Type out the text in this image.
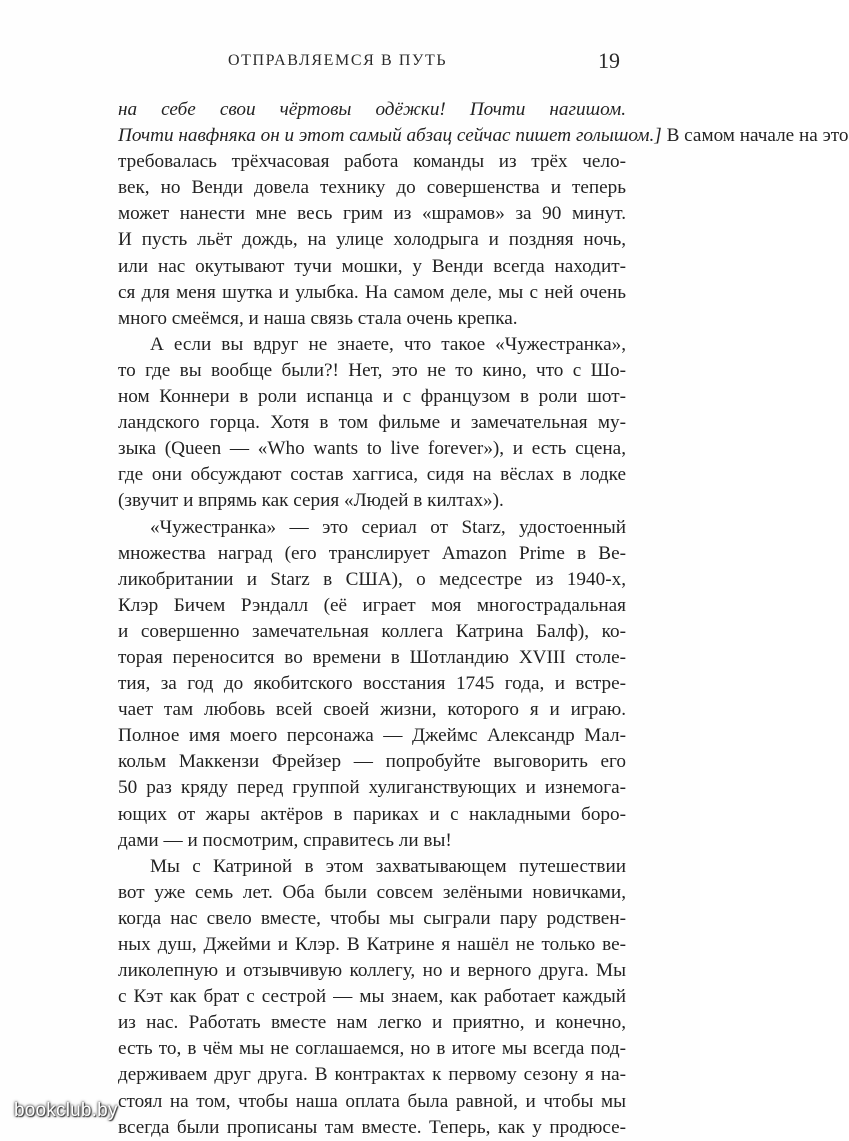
ОТПРАВЛЯЕМСЯ В ПУТЬ	19
на себе свои чёртовы одёжки! Почти нагишом.
Почти навфняка он и этот самый абзац сейчас пишет голышом.] В самом начале на это
требовалась трёхчасовая работа команды из трёх чело-
век, но Венди довела технику до совершенства и теперь
может нанести мне весь грим из «шрамов» за 90 минут.
И пусть льёт дождь, на улице холодрыга и поздняя ночь,
или нас окутывают тучи мошки, у Венди всегда находит-
ся для меня шутка и улыбка. На самом деле, мы с ней очень
много смеёмся, и наша связь стала очень крепка.
А если вы вдруг не знаете, что такое «Чужестранка»,
то где вы вообще были?! Нет, это не то кино, что с Шо-
ном Коннери в роли испанца и с французом в роли шот-
ландского горца. Хотя в том фильме и замечательная му-
зыка (Queen — «Who wants to live forever»), и есть сцена,
где они обсуждают состав хаггиса, сидя на вёслах в лодке
(звучит и впрямь как серия «Людей в килтах»).
«Чужестранка» — это сериал от Starz, удостоенный
множества наград (его транслирует Amazon Prime в Ве-
ликобритании и Starz в США), о медсестре из 1940-х,
Клэр Бичем Рэндалл (её играет моя многострадальная
и совершенно замечательная коллега Катрина Балф), ко-
торая переносится во времени в Шотландию XVIII столе-
тия, за год до якобитского восстания 1745 года, и встре-
чает там любовь всей своей жизни, которого я и играю.
Полное имя моего персонажа — Джеймс Александр Мал-
кольм Маккензи Фрейзер — попробуйте выговорить его
50 раз кряду перед группой хулиганствующих и изнемога-
ющих от жары актёров в париках и с накладными боро-
дами — и посмотрим, справитесь ли вы!
Мы с Катриной в этом захватывающем путешествии
вот уже семь лет. Оба были совсем зелёными новичками,
когда нас свело вместе, чтобы мы сыграли пару родствен-
ных душ, Джейми и Клэр. В Катрине я нашёл не только ве-
ликолепную и отзывчивую коллегу, но и верного друга. Мы
с Кэт как брат с сестрой — мы знаем, как работает каждый
из нас. Работать вместе нам легко и приятно, и конечно,
есть то, в чём мы не соглашаемся, но в итоге мы всегда под-
держиваем друг друга. В контрактах к первому сезону я на-
стоял на том, чтобы наша оплата была равной, и чтобы мы
всегда были прописаны там вместе. Теперь, как у продюсе-
bookclub.by
